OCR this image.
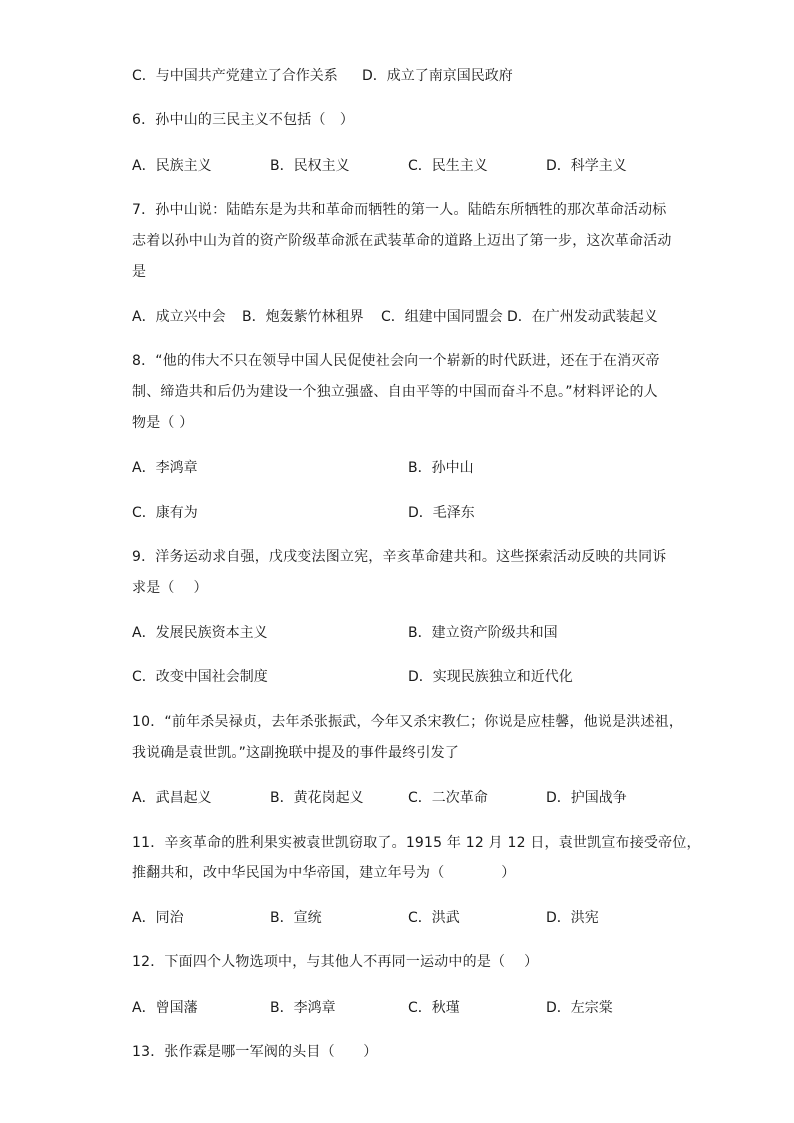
C．与中国共产党建立了合作关系 D．成立了南京国民政府
6．孙中山的三民主义不包括（　）
A．民族主义	B．民权主义	C．民生主义	D．科学主义
7．孙中山说：陆皓东是为共和革命而牺牲的第一人。陆皓东所牺牲的那次革命活动标
志着以孙中山为首的资产阶级革命派在武装革命的道路上迈出了第一步，这次革命活动
是
A．成立兴中会 B．炮轰紫竹林租界 C．组建中国同盟会 D．在广州发动武装起义
8．“他的伟大不只在领导中国人民促使社会向一个崭新的时代跃进，还在于在消灭帝
制、缔造共和后仍为建设一个独立强盛、自由平等的中国而奋斗不息。”材料评论的人
物是（ ）
A．李鸿章	B．孙中山
C．康有为	D．毛泽东
9．洋务运动求自强，戊戌变法图立宪，辛亥革命建共和。这些探索活动反映的共同诉
求是（　 ）
A．发展民族资本主义	B．建立资产阶级共和国
C．改变中国社会制度	D．实现民族独立和近代化
10．“前年杀吴禄贞，去年杀张振武，今年又杀宋教仁；你说是应桂馨，他说是洪述祖，
我说确是袁世凯。”这副挽联中提及的事件最终引发了
A．武昌起义	B．黄花岗起义	C．二次革命	D．护国战争
11．辛亥革命的胜利果实被袁世凯窃取了。1915 年 12 月 12 日，袁世凯宣布接受帝位，
推翻共和，改中华民国为中华帝国，建立年号为（　　　　）
A．同治	B．宣统	C．洪武	D．洪宪
12．下面四个人物选项中，与其他人不再同一运动中的是（　 ）
A．曾国藩	B．李鸿章	C．秋瑾	D．左宗棠
13．张作霖是哪一军阀的头目（　　）
